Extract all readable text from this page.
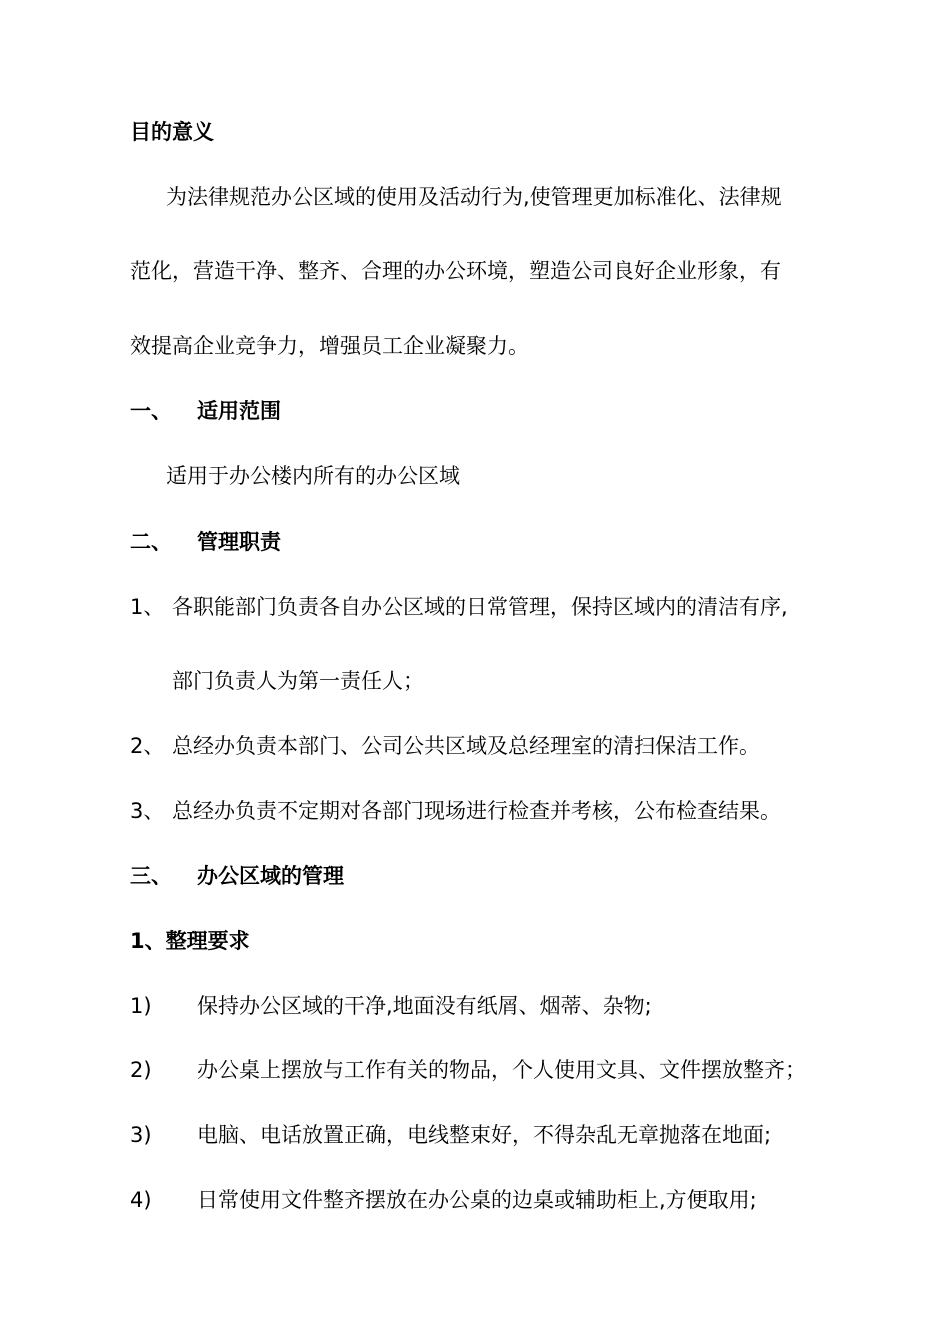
目的意义
为法律规范办公区域的使用及活动行为,使管理更加标准化、法律规
范化，营造干净、整齐、合理的办公环境，塑造公司良好企业形象，有
效提高企业竞争力，增强员工企业凝聚力。
一、 适用范围
适用于办公楼内所有的办公区域
二、 管理职责
1、 各职能部门负责各自办公区域的日常管理，保持区域内的清洁有序,
部门负责人为第一责任人；
2、 总经办负责本部门、公司公共区域及总经理室的清扫保洁工作。
3、 总经办负责不定期对各部门现场进行检查并考核，公布检查结果。
三、 办公区域的管理
1、整理要求
1) 保持办公区域的干净,地面没有纸屑、烟蒂、杂物;
2) 办公桌上摆放与工作有关的物品，个人使用文具、文件摆放整齐；
3) 电脑、电话放置正确，电线整束好，不得杂乱无章抛落在地面;
4) 日常使用文件整齐摆放在办公桌的边桌或辅助柜上,方便取用;
